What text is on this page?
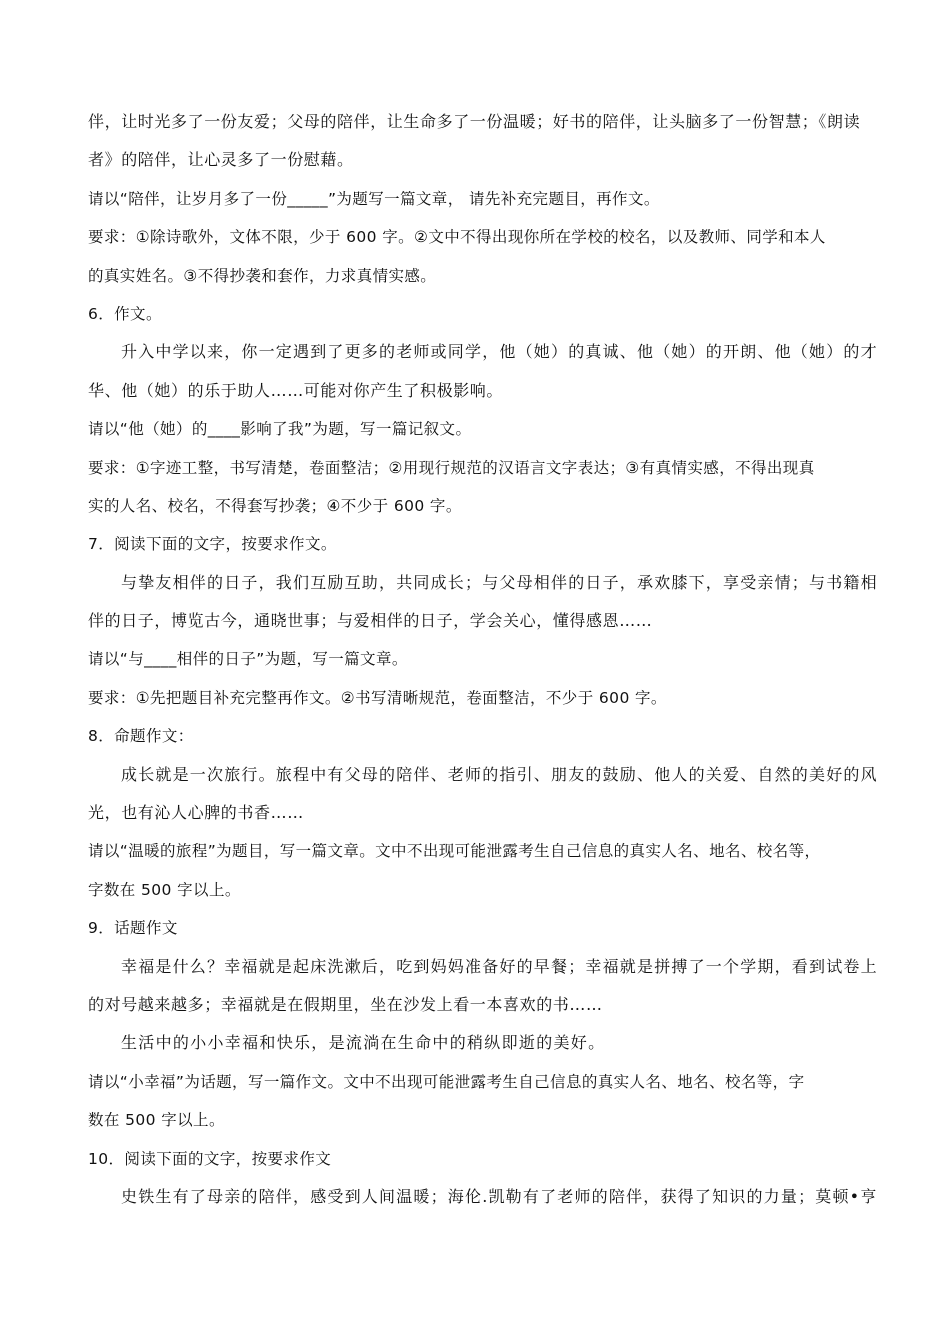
伴，让时光多了一份友爱；父母的陪伴，让生命多了一份温暖；好书的陪伴，让头脑多了一份智慧；《朗读
者》的陪伴，让心灵多了一份慰藉。
请以“陪伴，让岁月多了一份_____”为题写一篇文章， 请先补充完题目，再作文。
要求：①除诗歌外，文体不限，少于 600 字。②文中不得出现你所在学校的校名，以及教师、同学和本人
的真实姓名。③不得抄袭和套作，力求真情实感。
6．作文。
升入中学以来，你一定遇到了更多的老师或同学，他（她）的真诚、他（她）的开朗、他（她）的才
华、他（她）的乐于助人……可能对你产生了积极影响。
请以“他（她）的____影响了我”为题，写一篇记叙文。
要求：①字迹工整，书写清楚，卷面整洁；②用现行规范的汉语言文字表达；③有真情实感，不得出现真
实的人名、校名，不得套写抄袭；④不少于 600 字。
7．阅读下面的文字，按要求作文。
与挚友相伴的日子，我们互励互助，共同成长；与父母相伴的日子，承欢膝下，享受亲情；与书籍相
伴的日子，博览古今，通晓世事；与爱相伴的日子，学会关心，懂得感恩……
请以“与____相伴的日子”为题，写一篇文章。
要求：①先把题目补充完整再作文。②书写清晰规范，卷面整洁，不少于 600 字。
8．命题作文：
成长就是一次旅行。旅程中有父母的陪伴、老师的指引、朋友的鼓励、他人的关爱、自然的美好的风
光，也有沁人心脾的书香……
请以“温暖的旅程”为题目，写一篇文章。文中不出现可能泄露考生自己信息的真实人名、地名、校名等，
字数在 500 字以上。
9．话题作文
幸福是什么？幸福就是起床洗漱后，吃到妈妈准备好的早餐；幸福就是拼搏了一个学期，看到试卷上
的对号越来越多；幸福就是在假期里，坐在沙发上看一本喜欢的书……
生活中的小小幸福和快乐，是流淌在生命中的稍纵即逝的美好。
请以“小幸福”为话题，写一篇作文。文中不出现可能泄露考生自己信息的真实人名、地名、校名等，字
数在 500 字以上。
10．阅读下面的文字，按要求作文
史铁生有了母亲的陪伴，感受到人间温暖；海伦.凯勒有了老师的陪伴，获得了知识的力量；莫顿•亨
